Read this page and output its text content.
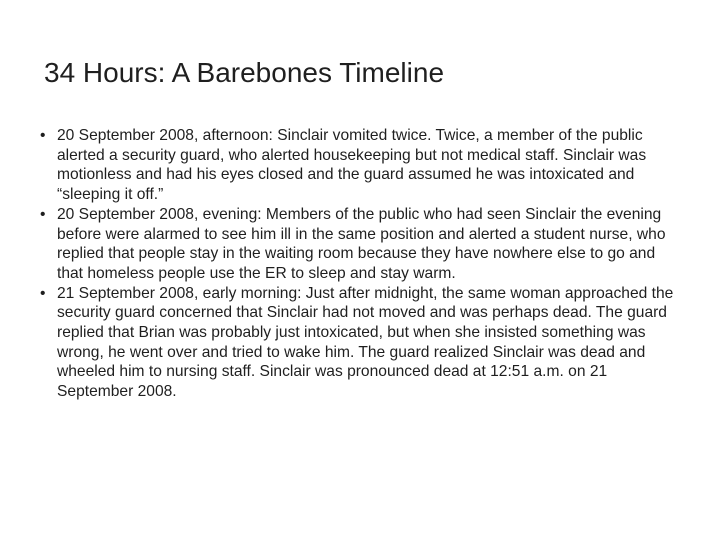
34 Hours: A Barebones Timeline
• 20 September 2008, afternoon: Sinclair vomited twice. Twice, a member of the public alerted a security guard, who alerted housekeeping but not medical staff. Sinclair was motionless and had his eyes closed and the guard assumed he was intoxicated and “sleeping it off.”
• 20 September 2008, evening: Members of the public who had seen Sinclair the evening before were alarmed to see him ill in the same position and alerted a student nurse, who replied that people stay in the waiting room because they have nowhere else to go and that homeless people use the ER to sleep and stay warm.
• 21 September 2008, early morning: Just after midnight, the same woman approached the security guard concerned that Sinclair had not moved and was perhaps dead. The guard replied that Brian was probably just intoxicated, but when she insisted something was wrong, he went over and tried to wake him. The guard realized Sinclair was dead and wheeled him to nursing staff. Sinclair was pronounced dead at 12:51 a.m. on 21 September 2008.
